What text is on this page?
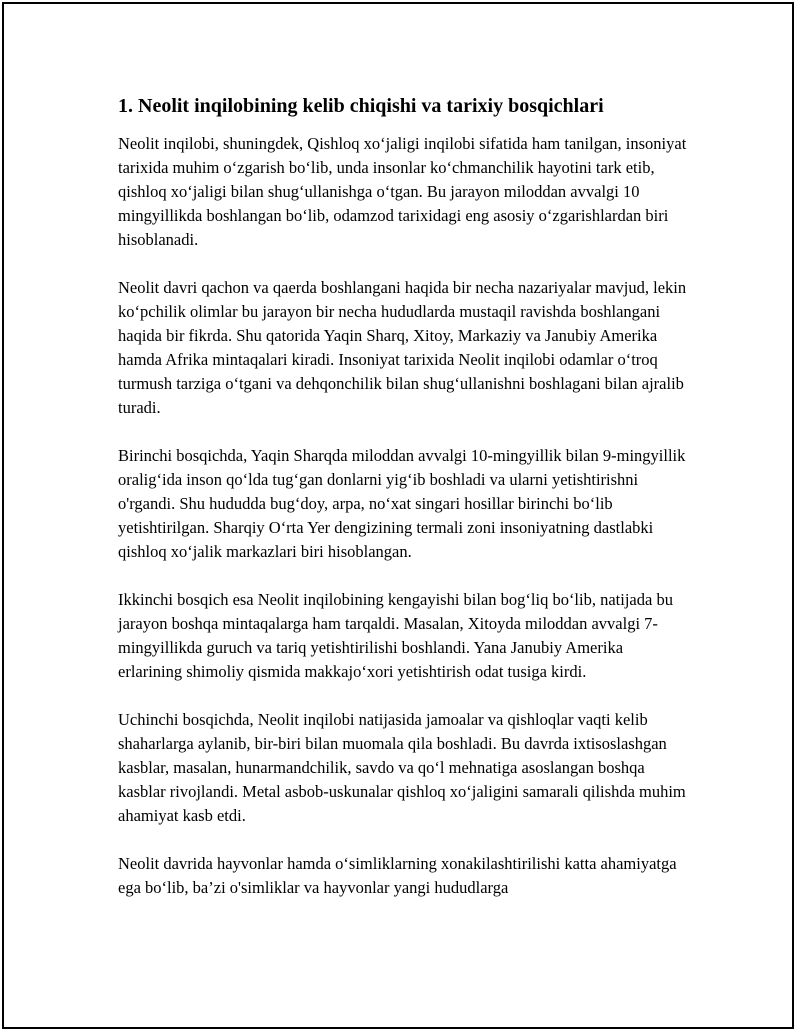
1. Neolit inqilobining kelib chiqishi va tarixiy bosqichlari

Neolit inqilobi, shuningdek, Qishloq xo‘jaligi inqilobi sifatida ham tanilgan, insoniyat tarixida muhim o‘zgarish bo‘lib, unda insonlar ko‘chmanchilik hayotini tark etib, qishloq xo‘jaligi bilan shug‘ullanishga o‘tgan. Bu jarayon miloddan avvalgi 10 mingyillikda boshlangan bo‘lib, odamzod tarixidagi eng asosiy o‘zgarishlardan biri hisoblanadi.

Neolit davri qachon va qaerda boshlangani haqida bir necha nazariyalar mavjud, lekin ko‘pchilik olimlar bu jarayon bir necha hududlarda mustaqil ravishda boshlangani haqida bir fikrda. Shu qatorida Yaqin Sharq, Xitoy, Markaziy va Janubiy Amerika hamda Afrika mintaqalari kiradi. Insoniyat tarixida Neolit inqilobi odamlar o‘troq turmush tarziga o‘tgani va dehqonchilik bilan shug‘ullanishni boshlagani bilan ajralib turadi.

Birinchi bosqichda, Yaqin Sharqda miloddan avvalgi 10-mingyillik bilan 9-mingyillik oralig‘ida inson qo‘lda tug‘gan donlarni yig‘ib boshladi va ularni yetishtirishni o'rgandi. Shu hududda bug‘doy, arpa, no‘xat singari hosillar birinchi bo‘lib yetishtirilgan. Sharqiy O‘rta Yer dengizining termali zoni insoniyatning dastlabki qishloq xo‘jalik markazlari biri hisoblangan.

Ikkinchi bosqich esa Neolit inqilobining kengayishi bilan bog‘liq bo‘lib, natijada bu jarayon boshqa mintaqalarga ham tarqaldi. Masalan, Xitoyda miloddan avvalgi 7-mingyillikda guruch va tariq yetishtirilishi boshlandi. Yana Janubiy Amerika erlarining shimoliy qismida makkajo‘xori yetishtirish odat tusiga kirdi.

Uchinchi bosqichda, Neolit inqilobi natijasida jamoalar va qishloqlar vaqti kelib shaharlarga aylanib, bir-biri bilan muomala qila boshladi. Bu davrda ixtisoslashgan kasblar, masalan, hunarmandchilik, savdo va qo‘l mehnatiga asoslangan boshqa kasblar rivojlandi. Metal asbob-uskunalar qishloq xo‘jaligini samarali qilishda muhim ahamiyat kasb etdi.

Neolit davrida hayvonlar hamda o‘simliklarning xonakilashtirilishi katta ahamiyatga ega bo‘lib, ba’zi o'simliklar va hayvonlar yangi hududlarga
